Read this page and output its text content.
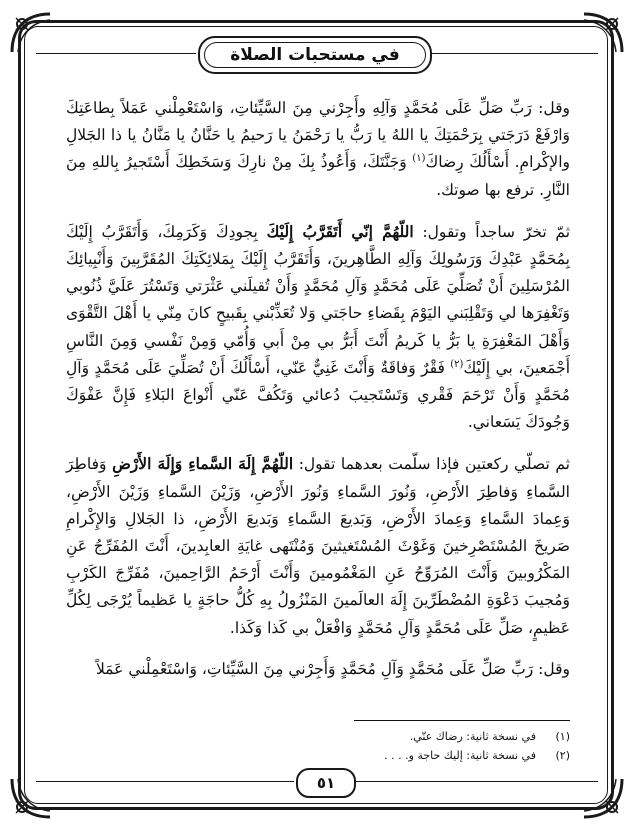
في مستحبات الصلاة

وقل: رَبِّ صَلِّ عَلَى مُحَمَّدٍ وَآلِهِ وأَجِرْني مِنَ السَّيِّئاتِ، وَاسْتَعْمِلْني عَمَلاً بِطاعَتِكَ وَارْفَعْ دَرَجَتي بِرَحْمَتِكَ يا اللهُ يا رَبُّ يا رَحْمَنُ يا رَحيمُ يا حَنَّانُ يا مَنَّانُ يا ذا الجَلالِ والإكْرامِ. أَسْأَلُكَ رِضاكَ$^{(١)}$ وَجَنَّتَكَ، وَأَعُوذُ بِكَ مِنْ نارِكَ وَسَخَطِكَ أَسْتَجيرُ بِاللهِ مِنَ النَّارِ. ترفع بها صوتك.

ثمّ تخرّ ساجداً وتقول: اللّهُمَّ إنّي أَتَقَرَّبُ إِلَيْكَ بِجودِكَ وَكَرَمِكَ، وَأَتَقَرَّبُ إِلَيْكَ بِمُحَمَّدٍ عَبْدِكَ وَرَسُولِكَ وَآلِهِ الطَّاهِرينَ، وَأَتَقَرَّبُ إِلَيْكَ بِمَلائِكَتِكَ المُقَرَّبِينَ وَأَنْبِيائِكَ المُرْسَلِينَ أَنْ تُصَلِّيَ عَلَى مُحَمَّدٍ وَآلِ مُحَمَّدٍ وَأَنْ تُقيلَني عَثْرَتي وَتَسْتُرَ عَلَيَّ ذُنُوبي وَتَغْفِرَها لي وَتَقْلِبَني اليَوْمَ بِقَضاءِ حاجَتي وَلا تُعَذِّبْني بِقَبيحٍ كانَ مِنّي يا أَهْلَ التَّقْوَى وَأَهْلَ المَغْفِرَةِ يا بَرُّ يا كَريمُ أَنْتَ أَبَرُّ بي مِنْ أَبي وَأُمّي وَمِنْ نَفْسي وَمِنَ النَّاسِ أَجْمَعينَ، بي إِلَيْكَ$^{(٢)}$ فَقْرٌ وَفاقَةٌ وَأَنْتَ غَنِيٌّ عَنّي، أَسْأَلُكَ أَنْ تُصَلِّيَ عَلَى مُحَمَّدٍ وَآلِ مُحَمَّدٍ وَأَنْ تَرْحَمَ فَقْري وَتَسْتَجيبَ دُعائي وَتَكُفَّ عَنّي أَنْواعَ البَلاءِ فَإِنَّ عَفْوَكَ وَجُودَكَ يَسَعاني.

ثم تصلّي ركعتين فإذا سلّمت بعدهما تقول: اللّهُمَّ إِلَهَ السَّماءِ وَإِلَهَ الأَرْضِ وَفاطِرَ السَّماءِ وَفاطِرَ الأَرْضِ، وَنُورَ السَّماءِ وَنُورَ الأَرْضِ، وَزَيْنَ السَّماءِ وَزَيْنَ الأَرْضِ، وَعِمادَ السَّماءِ وَعِمادَ الأَرْضِ، وَبَديعَ السَّماءِ وَبَديعَ الأَرْضِ، ذا الجَلالِ وَالإِكْرامِ صَريخَ المُسْتَصْرِخينَ وَغَوْثَ المُسْتَغيثينَ وَمُنْتَهى غايَةِ العابِدينَ، أَنْتَ المُفَرِّجُ عَنِ المَكْرُوبينَ وَأَنْتَ المُرَوِّحُ عَنِ المَغْمُومينَ وَأَنْتَ أَرْحَمُ الرَّاحِمينَ، مُفَرِّجَ الكَرْبِ وَمُجيبَ دَعْوَةِ المُضْطَرِّينَ إِلَهَ العالَمينَ المَنْزُولُ بِهِ كُلُّ حاجَةٍ يا عَظيماً يُرْجَى لِكُلِّ عَظيمٍ، صَلِّ عَلَى مُحَمَّدٍ وَآلِ مُحَمَّدٍ وَافْعَلْ بي كَذا وَكَذا.

وقل: رَبِّ صَلِّ عَلَى مُحَمَّدٍ وَآلِ مُحَمَّدٍ وَأَجِرْني مِنَ السَّيِّئاتِ، وَاسْتَعْمِلْني عَمَلاً

(١)
في نسخة ثانية: رضاك عنّي.
(٢)
في نسخة ثانية: إليك حاجة و. . . .
٥١
